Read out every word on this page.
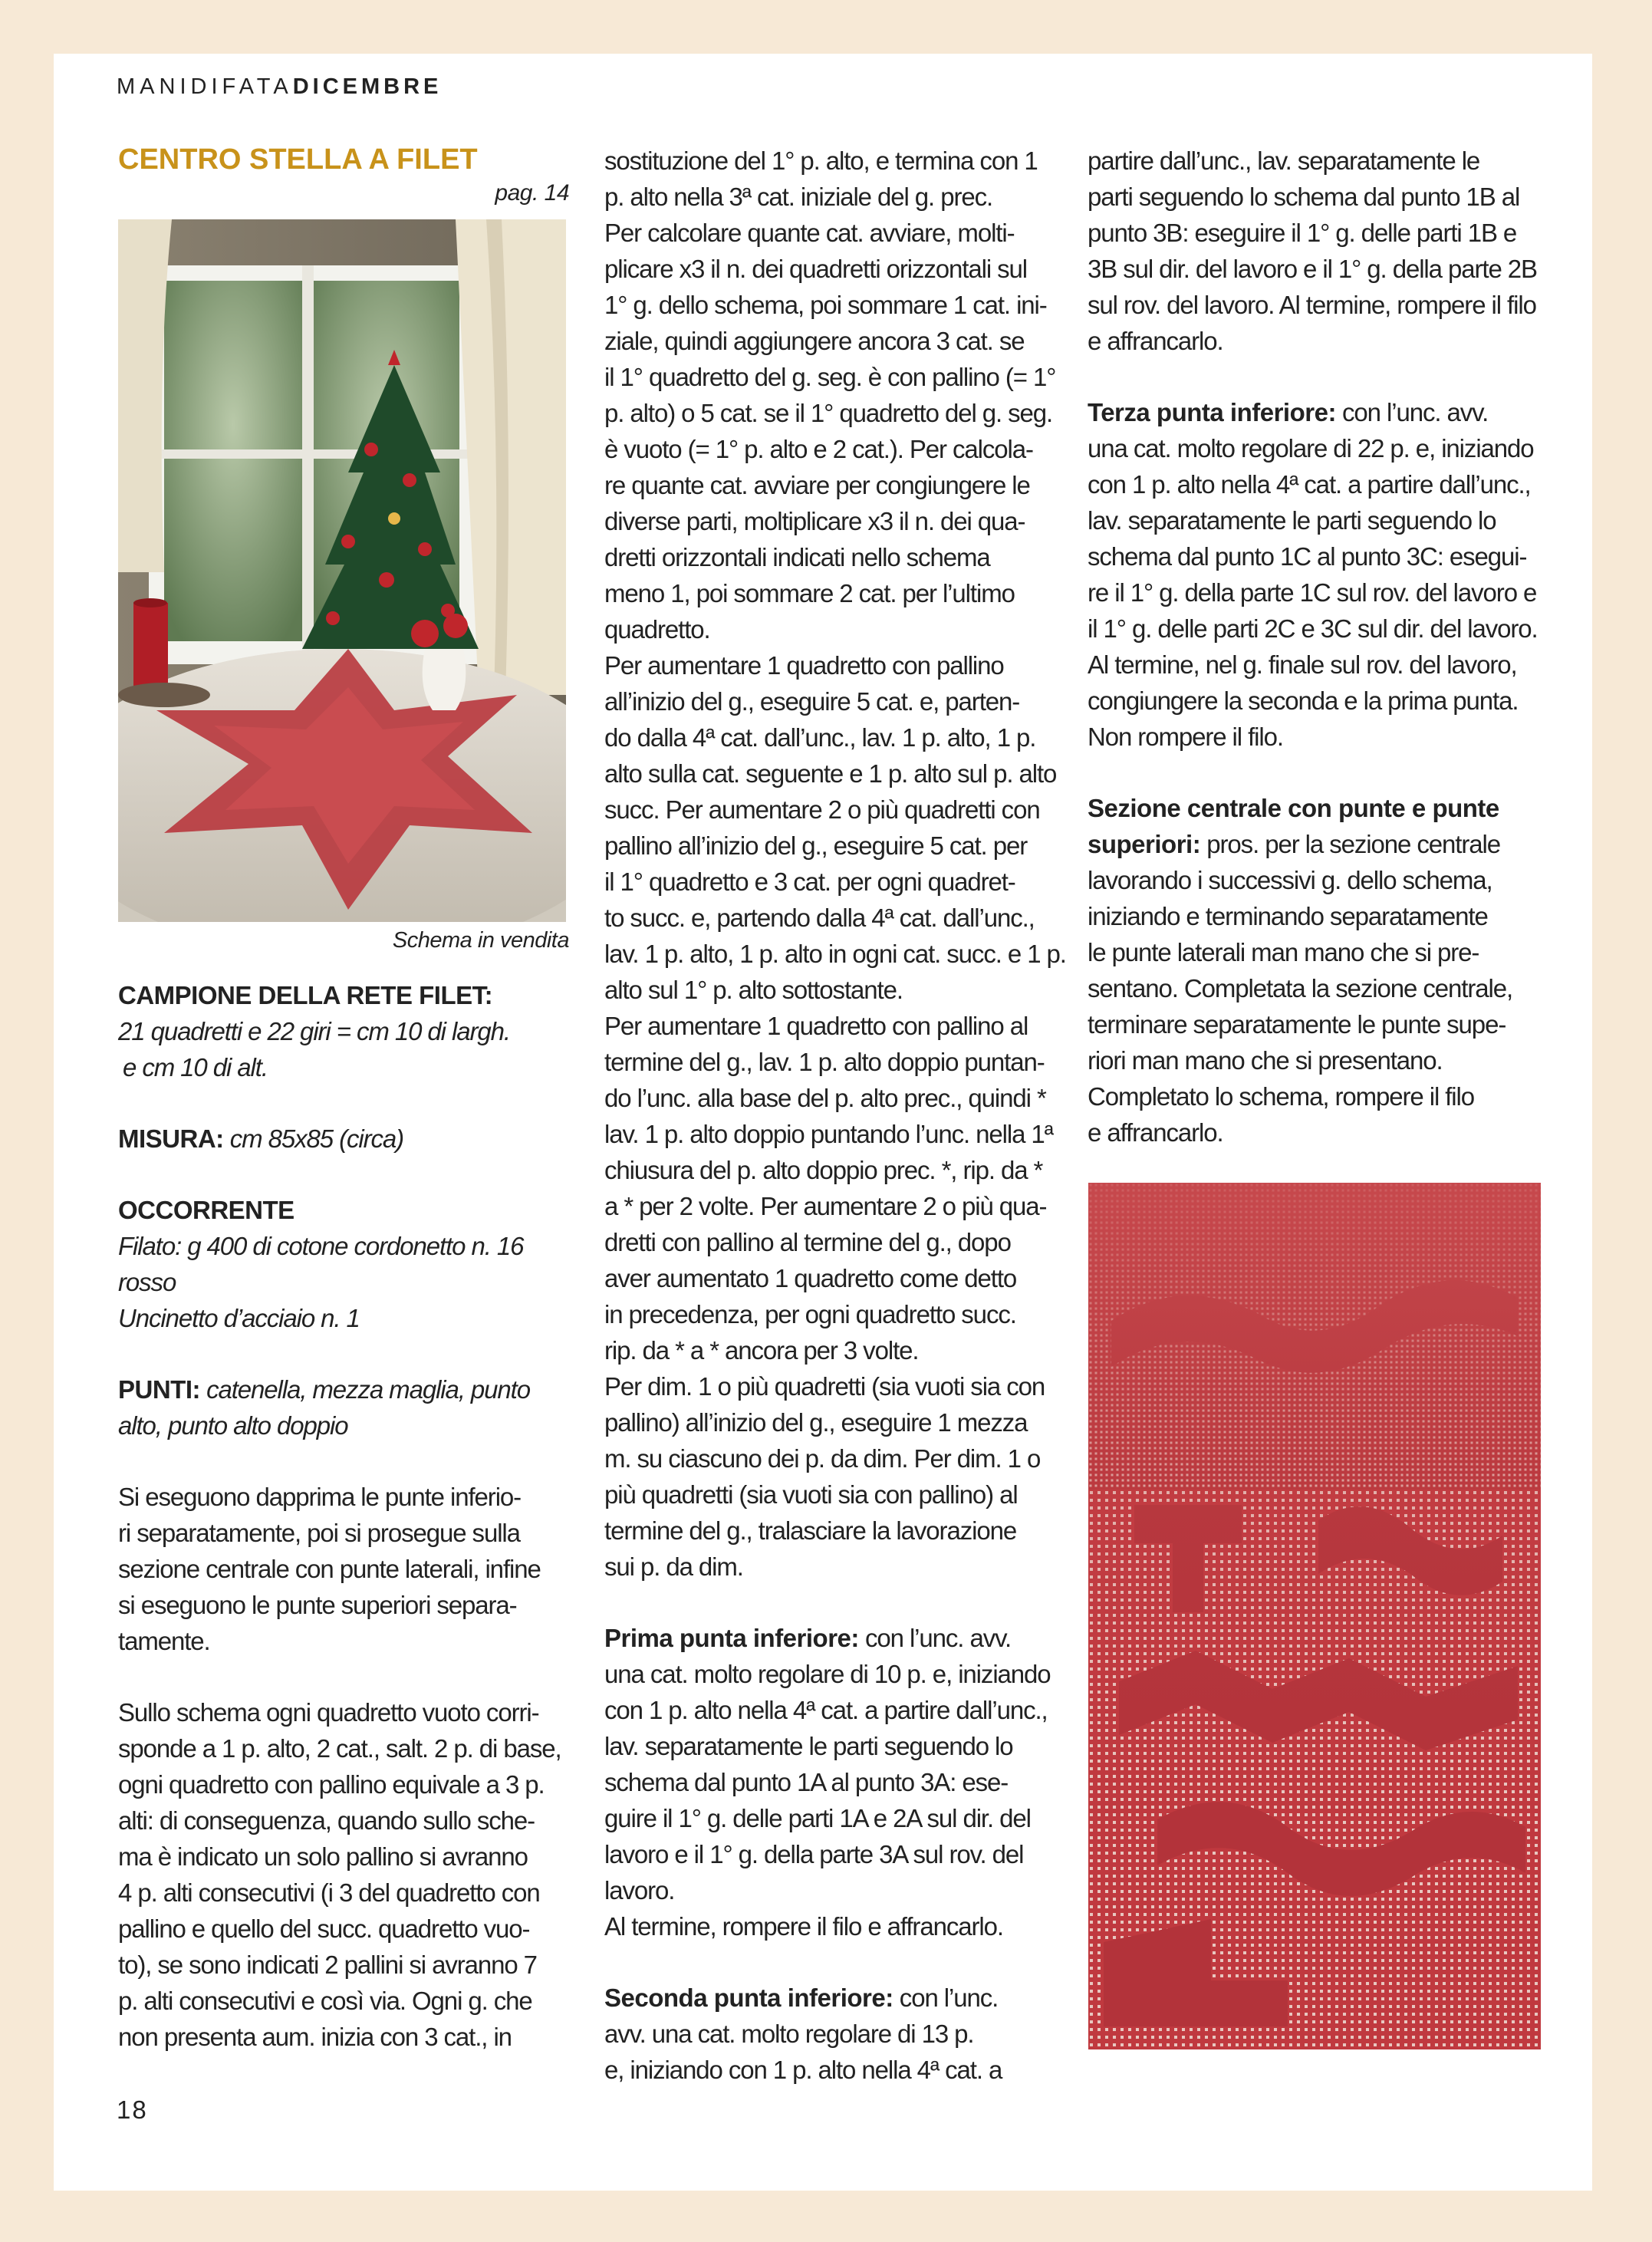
MANIDIFATADICEMBRE

CENTRO STELLA A FILET

pag. 14

Schema in vendita

CAMPIONE DELLA RETE FILET:

21 quadretti e 22 giri = cm 10 di largh.

e cm 10 di alt.

MISURA: cm 85x85 (circa)

OCCORRENTE

Filato: g 400 di cotone cordonetto n. 16

rosso

Uncinetto d’acciaio n. 1

PUNTI: catenella, mezza maglia, punto

alto, punto alto doppio

Si eseguono dapprima le punte inferio-

ri separatamente, poi si prosegue sulla

sezione centrale con punte laterali, infine

si eseguono le punte superiori separa-

tamente.

Sullo schema ogni quadretto vuoto corri-

sponde a 1 p. alto, 2 cat., salt. 2 p. di base,

ogni quadretto con pallino equivale a 3 p.

alti: di conseguenza, quando sullo sche-

ma è indicato un solo pallino si avranno

4 p. alti consecutivi (i 3 del quadretto con

pallino e quello del succ. quadretto vuo-

to), se sono indicati 2 pallini si avranno 7

p. alti consecutivi e così via. Ogni g. che

non presenta aum. inizia con 3 cat., in

sostituzione del 1° p. alto, e termina con 1

p. alto nella 3ª cat. iniziale del g. prec.

Per calcolare quante cat. avviare, molti-

plicare x3 il n. dei quadretti orizzontali sul

1° g. dello schema, poi sommare 1 cat. ini-

ziale, quindi aggiungere ancora 3 cat. se

il 1° quadretto del g. seg. è con pallino (= 1°

p. alto) o 5 cat. se il 1° quadretto del g. seg.

è vuoto (= 1° p. alto e 2 cat.). Per calcola-

re quante cat. avviare per congiungere le

diverse parti, moltiplicare x3 il n. dei qua-

dretti orizzontali indicati nello schema

meno 1, poi sommare 2 cat. per l’ultimo

quadretto.

Per aumentare 1 quadretto con pallino

all’inizio del g., eseguire 5 cat. e, parten-

do dalla 4ª cat. dall’unc., lav. 1 p. alto, 1 p.

alto sulla cat. seguente e 1 p. alto sul p. alto

succ. Per aumentare 2 o più quadretti con

pallino all’inizio del g., eseguire 5 cat. per

il 1° quadretto e 3 cat. per ogni quadret-

to succ. e, partendo dalla 4ª cat. dall’unc.,

lav. 1 p. alto, 1 p. alto in ogni cat. succ. e 1 p.

alto sul 1° p. alto sottostante.

Per aumentare 1 quadretto con pallino al

termine del g., lav. 1 p. alto doppio puntan-

do l’unc. alla base del p. alto prec., quindi *

lav. 1 p. alto doppio puntando l’unc. nella 1ª

chiusura del p. alto doppio prec. *, rip. da *

a * per 2 volte. Per aumentare 2 o più qua-

dretti con pallino al termine del g., dopo

aver aumentato 1 quadretto come detto

in precedenza, per ogni quadretto succ.

rip. da * a * ancora per 3 volte.

Per dim. 1 o più quadretti (sia vuoti sia con

pallino) all’inizio del g., eseguire 1 mezza

m. su ciascuno dei p. da dim. Per dim. 1 o

più quadretti (sia vuoti sia con pallino) al

termine del g., tralasciare la lavorazione

sui p. da dim.

Prima punta inferiore: con l’unc. avv.

una cat. molto regolare di 10 p. e, iniziando

con 1 p. alto nella 4ª cat. a partire dall’unc.,

lav. separatamente le parti seguendo lo

schema dal punto 1A al punto 3A: ese-

guire il 1° g. delle parti 1A e 2A sul dir. del

lavoro e il 1° g. della parte 3A sul rov. del

lavoro.

Al termine, rompere il filo e affrancarlo.

Seconda punta inferiore: con l’unc.

avv. una cat. molto regolare di 13 p.

e, iniziando con 1 p. alto nella 4ª cat. a

partire dall’unc., lav. separatamente le

parti seguendo lo schema dal punto 1B al

punto 3B: eseguire il 1° g. delle parti 1B e

3B sul dir. del lavoro e il 1° g. della parte 2B

sul rov. del lavoro. Al termine, rompere il filo

e affrancarlo.

Terza punta inferiore: con l’unc. avv.

una cat. molto regolare di 22 p. e, iniziando

con 1 p. alto nella 4ª cat. a partire dall’unc.,

lav. separatamente le parti seguendo lo

schema dal punto 1C al punto 3C: esegui-

re il 1° g. della parte 1C sul rov. del lavoro e

il 1° g. delle parti 2C e 3C sul dir. del lavoro.

Al termine, nel g. finale sul rov. del lavoro,

congiungere la seconda e la prima punta.

Non rompere il filo.

Sezione centrale con punte e punte

superiori: pros. per la sezione centrale

lavorando i successivi g. dello schema,

iniziando e terminando separatamente

le punte laterali man mano che si pre-

sentano. Completata la sezione centrale,

terminare separatamente le punte supe-

riori man mano che si presentano.

Completato lo schema, rompere il filo

e affrancarlo.

18
